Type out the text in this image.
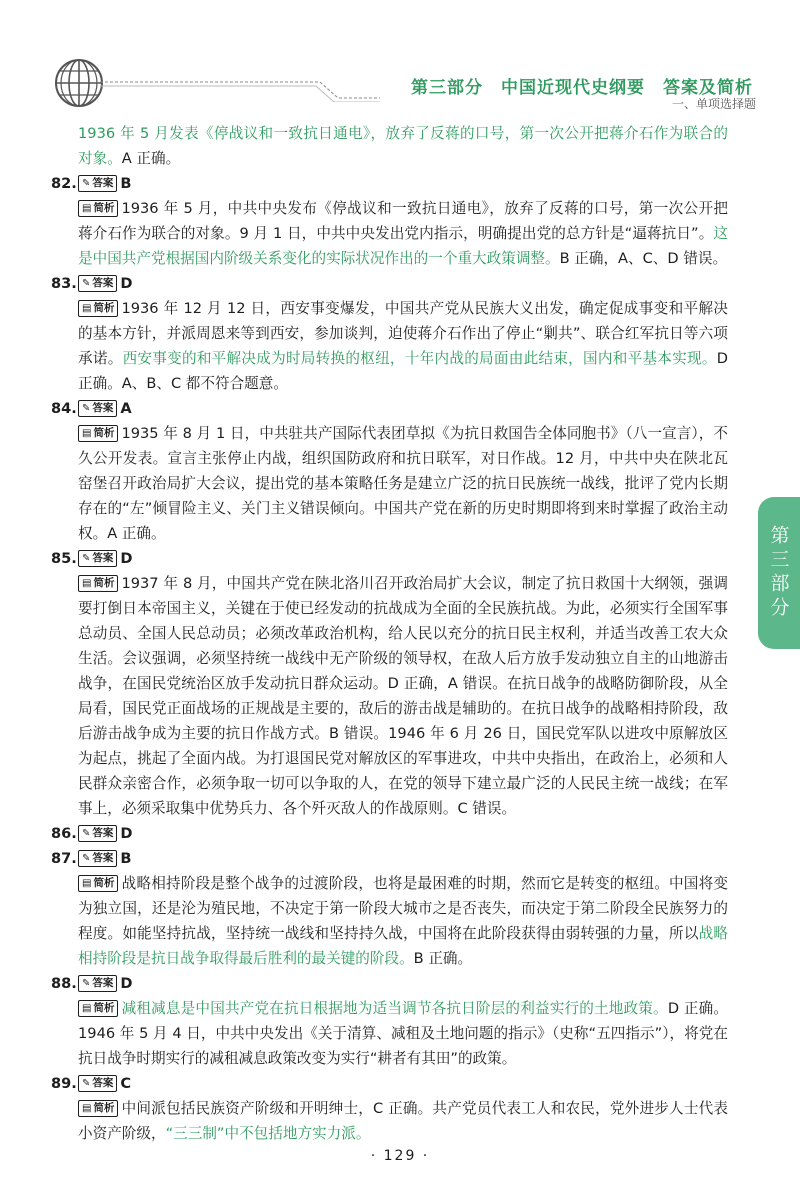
第三部分　中国近现代史纲要　答案及简析
一、单项选择题
第三部分

1936 年 5 月发表《停战议和一致抗日通电》，放弃了反蒋的口号，第一次公开把蒋介石作为联合的对象。A 正确。

82. ✎ 答案 B

▤ 简析 1936 年 5 月，中共中央发布《停战议和一致抗日通电》，放弃了反蒋的口号，第一次公开把蒋介石作为联合的对象。9 月 1 日，中共中央发出党内指示，明确提出党的总方针是“逼蒋抗日”。这是中国共产党根据国内阶级关系变化的实际状况作出的一个重大政策调整。B 正确，A、C、D 错误。

83. ✎ 答案 D

▤ 简析 1936 年 12 月 12 日，西安事变爆发，中国共产党从民族大义出发，确定促成事变和平解决的基本方针，并派周恩来等到西安，参加谈判，迫使蒋介石作出了停止“剿共”、联合红军抗日等六项承诺。西安事变的和平解决成为时局转换的枢纽，十年内战的局面由此结束，国内和平基本实现。D 正确。A、B、C 都不符合题意。

84. ✎ 答案 A

▤ 简析 1935 年 8 月 1 日，中共驻共产国际代表团草拟《为抗日救国告全体同胞书》（八一宣言），不久公开发表。宣言主张停止内战，组织国防政府和抗日联军，对日作战。12 月，中共中央在陕北瓦窑堡召开政治局扩大会议，提出党的基本策略任务是建立广泛的抗日民族统一战线，批评了党内长期存在的“左”倾冒险主义、关门主义错误倾向。中国共产党在新的历史时期即将到来时掌握了政治主动权。A 正确。

85. ✎ 答案 D

▤ 简析 1937 年 8 月，中国共产党在陕北洛川召开政治局扩大会议，制定了抗日救国十大纲领，强调要打倒日本帝国主义，关键在于使已经发动的抗战成为全面的全民族抗战。为此，必须实行全国军事总动员、全国人民总动员；必须改革政治机构，给人民以充分的抗日民主权利，并适当改善工农大众生活。会议强调，必须坚持统一战线中无产阶级的领导权，在敌人后方放手发动独立自主的山地游击战争，在国民党统治区放手发动抗日群众运动。D 正确，A 错误。在抗日战争的战略防御阶段，从全局看，国民党正面战场的正规战是主要的，敌后的游击战是辅助的。在抗日战争的战略相持阶段，敌后游击战争成为主要的抗日作战方式。B 错误。1946 年 6 月 26 日，国民党军队以进攻中原解放区为起点，挑起了全面内战。为打退国民党对解放区的军事进攻，中共中央指出，在政治上，必须和人民群众亲密合作，必须争取一切可以争取的人，在党的领导下建立最广泛的人民民主统一战线；在军事上，必须采取集中优势兵力、各个歼灭敌人的作战原则。C 错误。

86. ✎ 答案 D
87. ✎ 答案 B

▤ 简析 战略相持阶段是整个战争的过渡阶段，也将是最困难的时期，然而它是转变的枢纽。中国将变为独立国，还是沦为殖民地，不决定于第一阶段大城市之是否丧失，而决定于第二阶段全民族努力的程度。如能坚持抗战，坚持统一战线和坚持持久战，中国将在此阶段获得由弱转强的力量，所以战略相持阶段是抗日战争取得最后胜利的最关键的阶段。B 正确。

88. ✎ 答案 D

▤ 简析 减租减息是中国共产党在抗日根据地为适当调节各抗日阶层的利益实行的土地政策。D 正确。1946 年 5 月 4 日，中共中央发出《关于清算、减租及土地问题的指示》（史称“五四指示”），将党在抗日战争时期实行的减租减息政策改变为实行“耕者有其田”的政策。

89. ✎ 答案 C

▤ 简析 中间派包括民族资产阶级和开明绅士，C 正确。共产党员代表工人和农民，党外进步人士代表小资产阶级，“三三制”中不包括地方实力派。

· 129 ·
